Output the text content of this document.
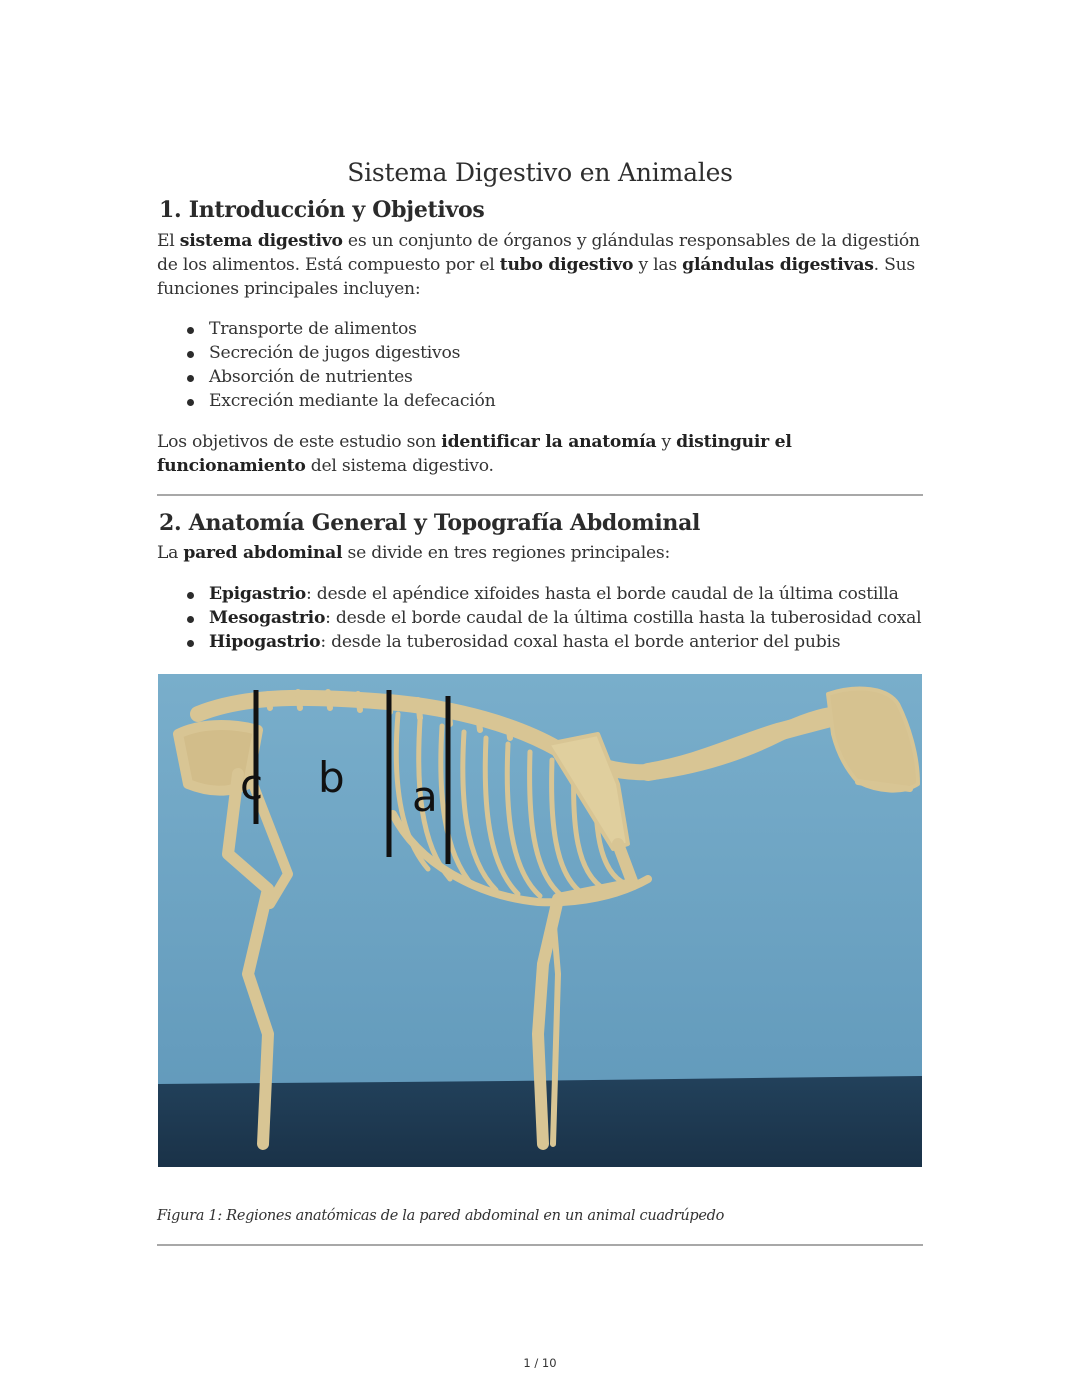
Sistema Digestivo en Animales
1. Introducción y Objetivos

El sistema digestivo es un conjunto de órganos y glándulas responsables de la digestión de los alimentos. Está compuesto por el tubo digestivo y las glándulas digestivas. Sus funciones principales incluyen:

Transporte de alimentos
Secreción de jugos digestivos
Absorción de nutrientes
Excreción mediante la defecación

Los objetivos de este estudio son identificar la anatomía y distinguir el funcionamiento del sistema digestivo.

2. Anatomía General y Topografía Abdominal

La pared abdominal se divide en tres regiones principales:

Epigastrio: desde el apéndice xifoides hasta el borde caudal de la última costilla
Mesogastrio: desde el borde caudal de la última costilla hasta la tuberosidad coxal
Hipogastrio: desde la tuberosidad coxal hasta el borde anterior del pubis
c b a

Figura 1: Regiones anatómicas de la pared abdominal en un animal cuadrúpedo

1 / 10
